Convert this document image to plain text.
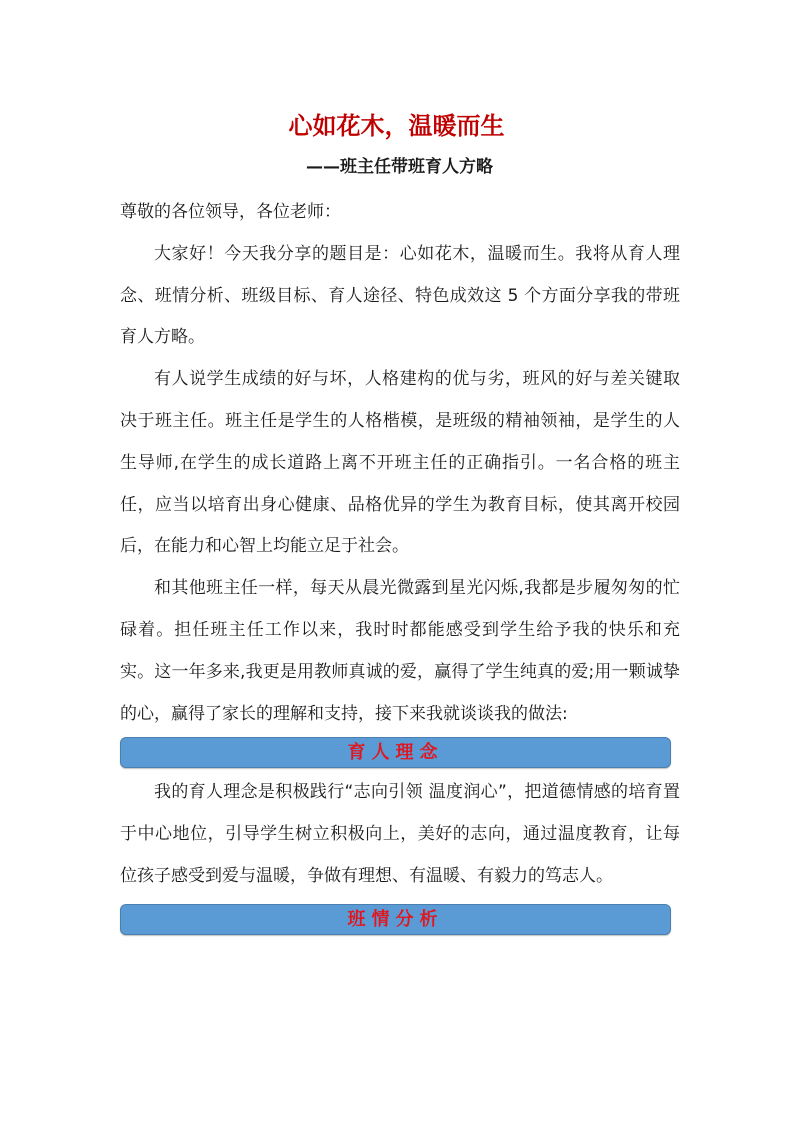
心如花木，温暖而生
——班主任带班育人方略

尊敬的各位领导，各位老师：

大家好！今天我分享的题目是：心如花木，温暖而生。我将从育人理念、班情分析、班级目标、育人途径、特色成效这 5 个方面分享我的带班育人方略。

有人说学生成绩的好与坏，人格建构的优与劣，班风的好与差关键取决于班主任。班主任是学生的人格楷模，是班级的精袖领袖，是学生的人生导师,在学生的成长道路上离不开班主任的正确指引。一名合格的班主任，应当以培育出身心健康、品格优异的学生为教育目标，使其离开校园后，在能力和心智上均能立足于社会。

和其他班主任一样，每天从晨光微露到星光闪烁,我都是步履匆匆的忙碌着。担任班主任工作以来，我时时都能感受到学生给予我的快乐和充实。这一年多来,我更是用教师真诚的爱，赢得了学生纯真的爱;用一颗诚挚的心，赢得了家长的理解和支持，接下来我就谈谈我的做法:

育人理念

我的育人理念是积极践行“志向引领 温度润心”，把道德情感的培育置于中心地位，引导学生树立积极向上，美好的志向，通过温度教育，让每位孩子感受到爱与温暖，争做有理想、有温暖、有毅力的笃志人。

班情分析
